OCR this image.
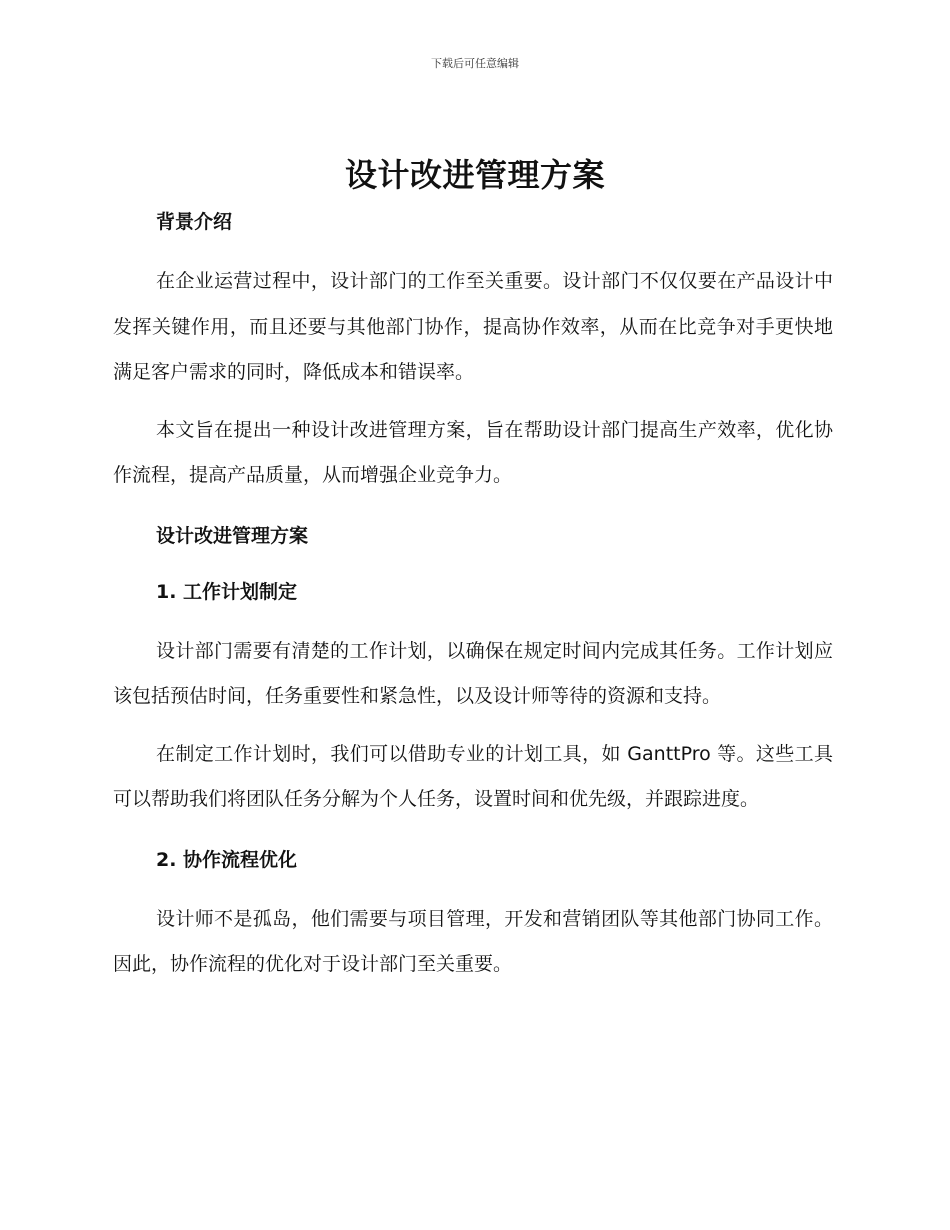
下载后可任意编辑
设计改进管理方案
背景介绍

在企业运营过程中，设计部门的工作至关重要。设计部门不仅仅要在产品设计中发挥关键作用，而且还要与其他部门协作，提高协作效率，从而在比竞争对手更快地满足客户需求的同时，降低成本和错误率。

本文旨在提出一种设计改进管理方案，旨在帮助设计部门提高生产效率，优化协作流程，提高产品质量，从而增强企业竞争力。

设计改进管理方案
1. 工作计划制定

设计部门需要有清楚的工作计划，以确保在规定时间内完成其任务。工作计划应该包括预估时间，任务重要性和紧急性，以及设计师等待的资源和支持。

在制定工作计划时，我们可以借助专业的计划工具，如 GanttPro 等。这些工具可以帮助我们将团队任务分解为个人任务，设置时间和优先级，并跟踪进度。

2. 协作流程优化

设计师不是孤岛，他们需要与项目管理，开发和营销团队等其他部门协同工作。因此，协作流程的优化对于设计部门至关重要。
